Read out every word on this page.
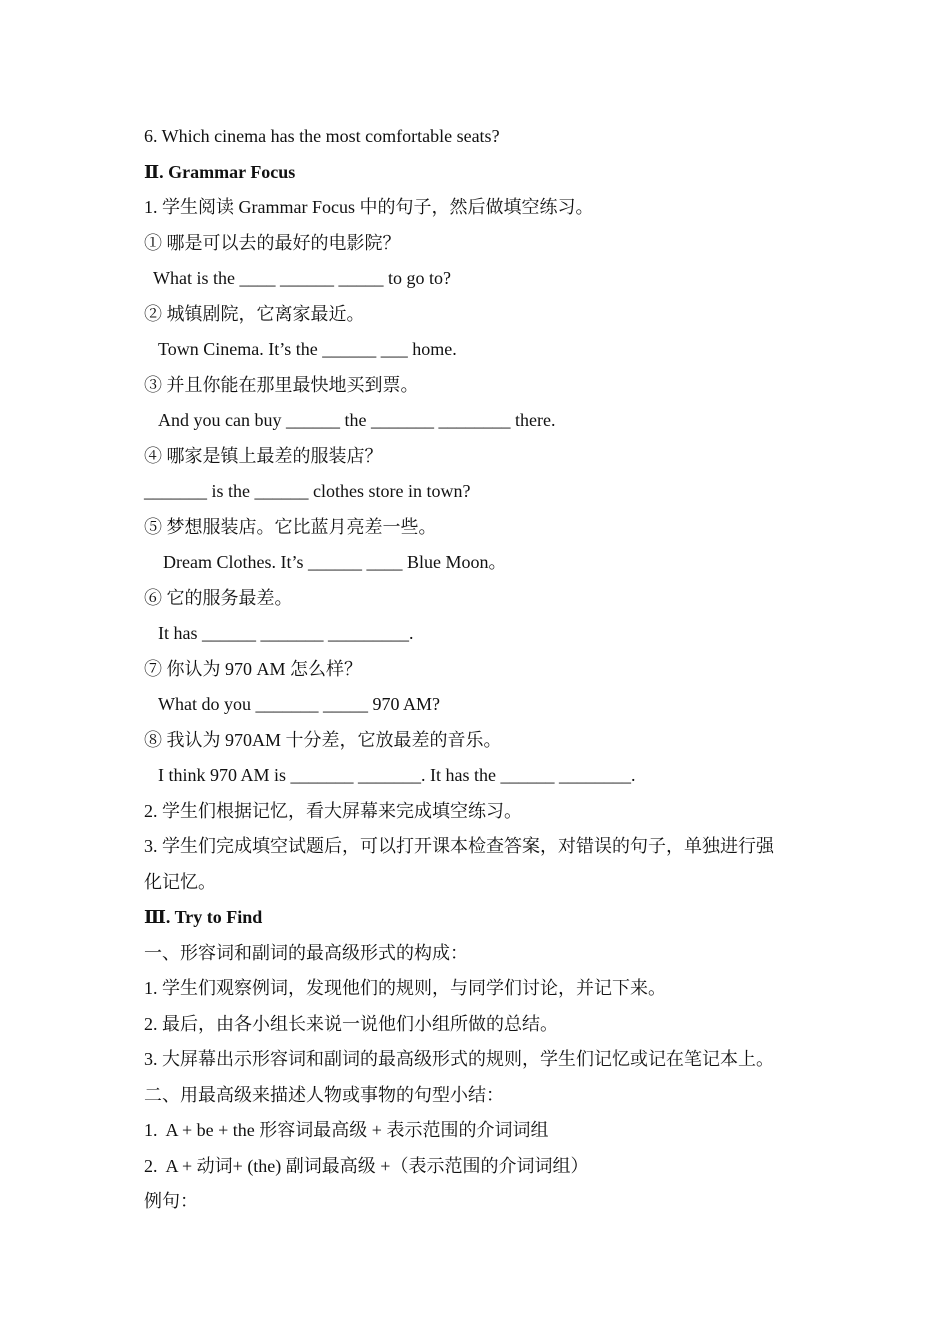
6. Which cinema has the most comfortable seats?
Ⅱ. Grammar Focus
1. 学生阅读 Grammar Focus 中的句子，然后做填空练习。
① 哪是可以去的最好的电影院？
What is the ____ ______ _____ to go to?
② 城镇剧院，它离家最近。
Town Cinema. It’s the ______ ___ home.
③ 并且你能在那里最快地买到票。
And you can buy ______ the _______ ________ there.
④ 哪家是镇上最差的服装店？
_______ is the ______ clothes store in town?
⑤ 梦想服装店。它比蓝月亮差一些。
Dream Clothes. It’s ______ ____ Blue Moon。
⑥ 它的服务最差。
It has ______ _______ _________.
⑦ 你认为 970 AM 怎么样？
What do you _______ _____ 970 AM?
⑧ 我认为 970AM 十分差，它放最差的音乐。
I think 970 AM is _______ _______. It has the ______ ________.
2. 学生们根据记忆，看大屏幕来完成填空练习。
3. 学生们完成填空试题后，可以打开课本检查答案，对错误的句子，单独进行强
化记忆。
Ⅲ. Try to Find
一、形容词和副词的最高级形式的构成：
1. 学生们观察例词，发现他们的规则，与同学们讨论，并记下来。
2. 最后，由各小组长来说一说他们小组所做的总结。
3. 大屏幕出示形容词和副词的最高级形式的规则，学生们记忆或记在笔记本上。
二、用最高级来描述人物或事物的句型小结：
1.  A + be + the 形容词最高级 + 表示范围的介词词组
2.  A + 动词+ (the) 副词最高级 +（表示范围的介词词组）
例句：
